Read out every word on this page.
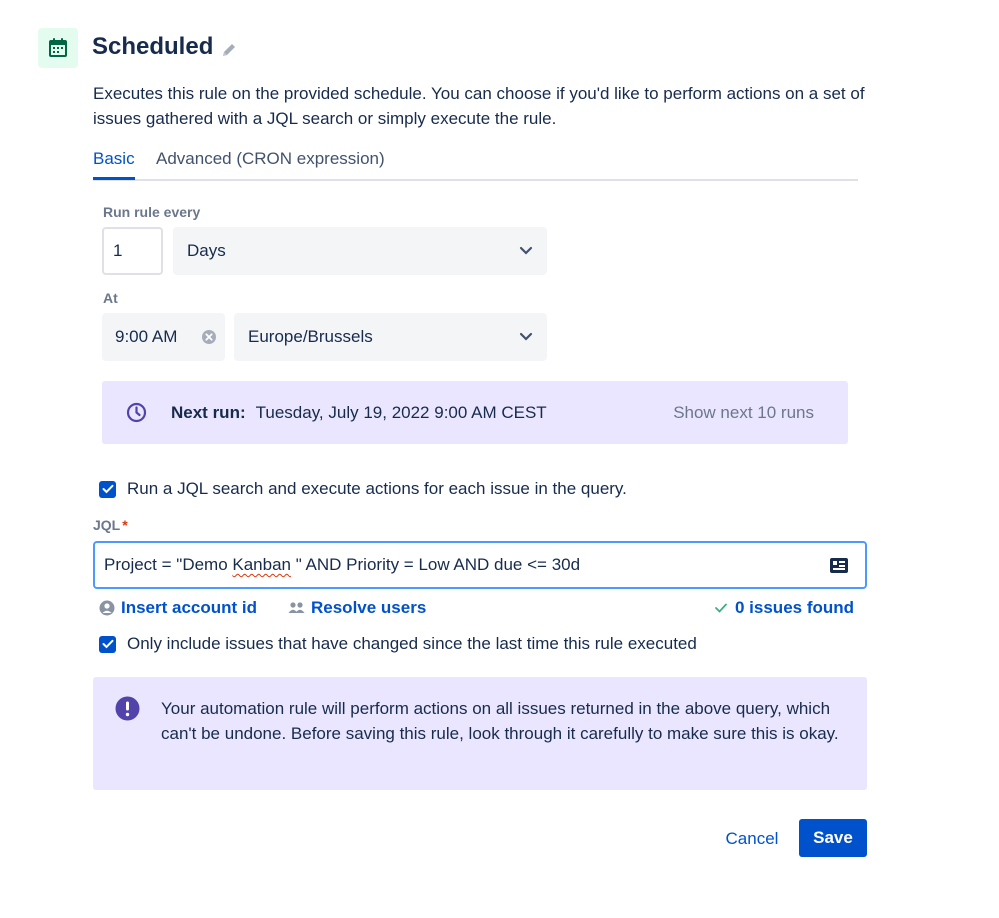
Scheduled
Executes this rule on the provided schedule. You can choose if you'd like to perform actions on a set of issues gathered with a JQL search or simply execute the rule.
Basic Advanced (CRON expression)
Run rule every
1	Days
At
9:00 AM	Europe/Brussels
Next run: Tuesday, July 19, 2022 9:00 AM CEST	Show next 10 runs
Run a JQL search and execute actions for each issue in the query.
JQL *
Project = "Demo Kanban " AND Priority = Low AND due <= 30d
Insert account id	Resolve users	0 issues found
Only include issues that have changed since the last time this rule executed
Your automation rule will perform actions on all issues returned in the above query, which can't be undone. Before saving this rule, look through it carefully to make sure this is okay.
Cancel	Save
